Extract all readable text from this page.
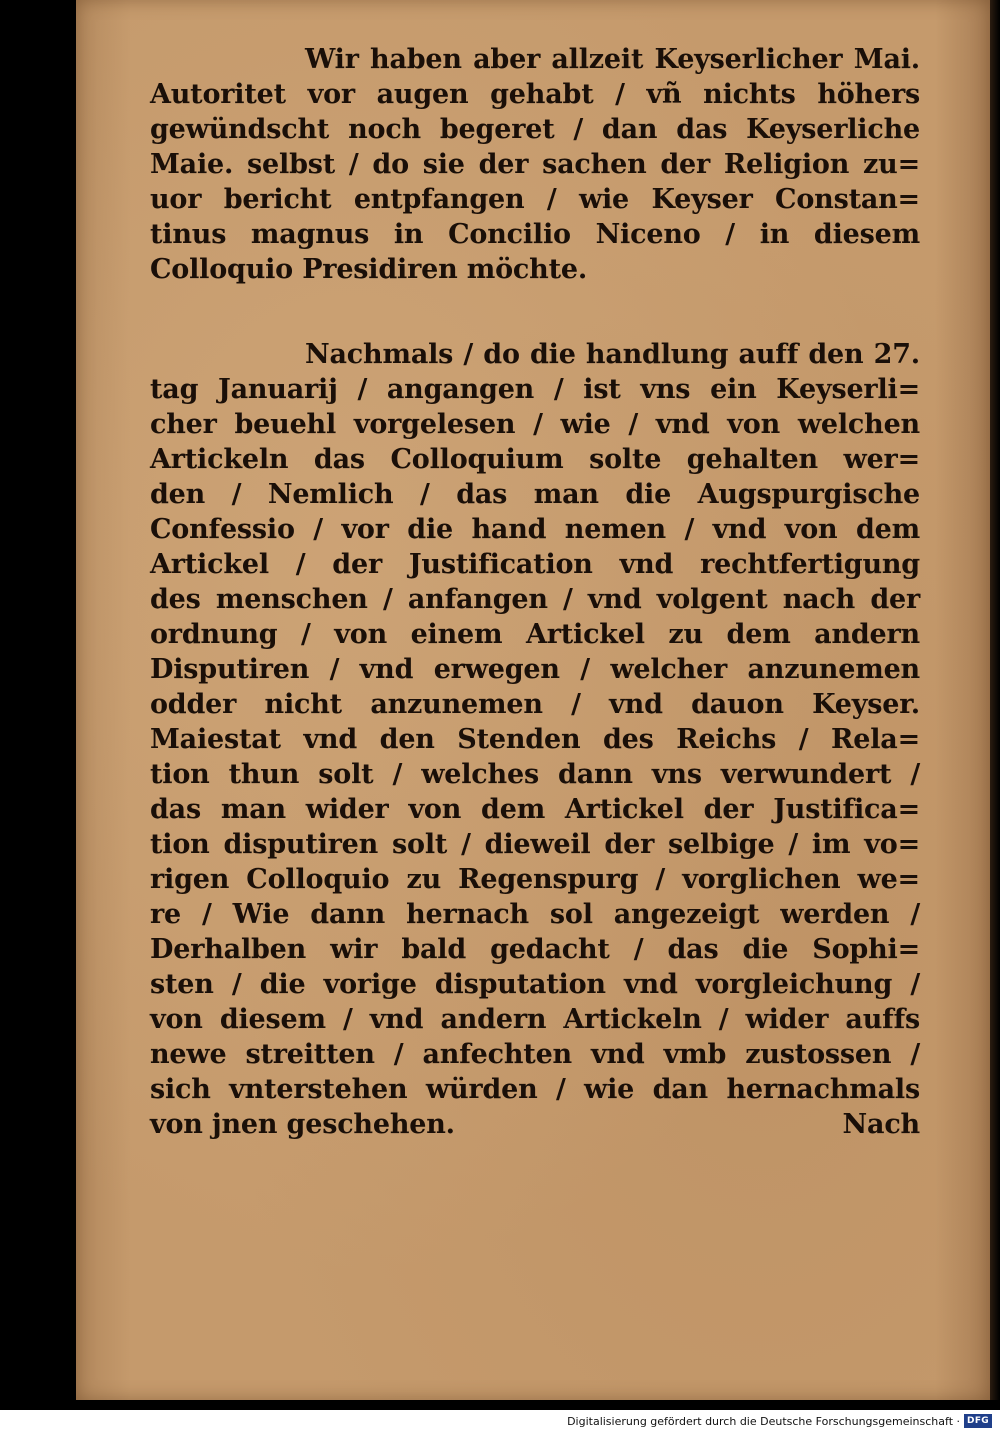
Wir haben aber allzeit Keyserlicher Mai.
Autoritet vor augen gehabt / vñ nichts höhers
gewündscht noch begeret / dan das Keyserliche
Maie. selbst / do sie der sachen der Religion zu=
uor bericht entpfangen / wie Keyser Constan=
tinus magnus in Concilio Niceno / in diesem
Colloquio Presidiren möchte.
Nachmals / do die handlung auff den 27.
tag Januarij / angangen / ist vns ein Keyserli=
cher beuehl vorgelesen / wie / vnd von welchen
Artickeln das Colloquium solte gehalten wer=
den / Nemlich / das man die Augspurgische
Confessio / vor die hand nemen / vnd von dem
Artickel / der Justification vnd rechtfertigung
des menschen / anfangen / vnd volgent nach der
ordnung / von einem Artickel zu dem andern
Disputiren / vnd erwegen / welcher anzunemen
odder nicht anzunemen / vnd dauon Keyser.
Maiestat vnd den Stenden des Reichs / Rela=
tion thun solt / welches dann vns verwundert /
das man wider von dem Artickel der Justifica=
tion disputiren solt / dieweil der selbige / im vo=
rigen Colloquio zu Regenspurg / vorglichen we=
re / Wie dann hernach sol angezeigt werden /
Derhalben wir bald gedacht / das die Sophi=
sten / die vorige disputation vnd vorgleichung /
von diesem / vnd andern Artickeln / wider auffs
newe streitten / anfechten vnd vmb zustossen /
sich vnterstehen würden / wie dan hernachmals
von jnen geschehen.	Nach
Digitalisierung gefördert durch die Deutsche Forschungsgemeinschaft · DFG
